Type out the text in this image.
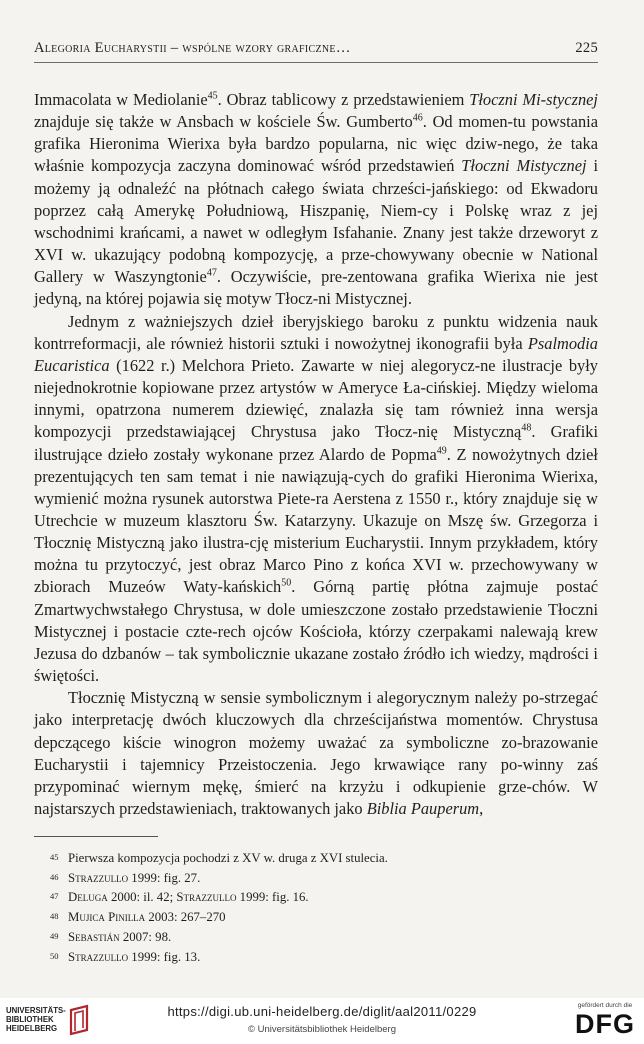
Alegoria Eucharystii – wspólne wzory graficzne…	225

Immacolata w Mediolanie$^{45}$. Obraz tablicowy z przedstawieniem Tłoczni Mi-stycznej znajduje się także w Ansbach w kościele Św. Gumberto$^{46}$. Od momen-tu powstania grafika Hieronima Wierixa była bardzo popularna, nic więc dziw-nego, że taka właśnie kompozycja zaczyna dominować wśród przedstawień Tłoczni Mistycznej i możemy ją odnaleźć na płótnach całego świata chrześci-jańskiego: od Ekwadoru poprzez całą Amerykę Południową, Hiszpanię, Niem-cy i Polskę wraz z jej wschodnimi krańcami, a nawet w odległym Isfahanie. Znany jest także drzeworyt z XVI w. ukazujący podobną kompozycję, a prze-chowywany obecnie w National Gallery w Waszyngtonie$^{47}$. Oczywiście, pre-zentowana grafika Wierixa nie jest jedyną, na której pojawia się motyw Tłocz-ni Mistycznej.

Jednym z ważniejszych dzieł iberyjskiego baroku z punktu widzenia nauk kontrreformacji, ale również historii sztuki i nowożytnej ikonografii była Psalmodia Eucaristica (1622 r.) Melchora Prieto. Zawarte w niej alegorycz-ne ilustracje były niejednokrotnie kopiowane przez artystów w Ameryce Ła-cińskiej. Między wieloma innymi, opatrzona numerem dziewięć, znalazła się tam również inna wersja kompozycji przedstawiającej Chrystusa jako Tłocz-nię Mistyczną$^{48}$. Grafiki ilustrujące dzieło zostały wykonane przez Alardo de Popma$^{49}$. Z nowożytnych dzieł prezentujących ten sam temat i nie nawiązują-cych do grafiki Hieronima Wierixa, wymienić można rysunek autorstwa Piete-ra Aerstena z 1550 r., który znajduje się w Utrechcie w muzeum klasztoru Św. Katarzyny. Ukazuje on Mszę św. Grzegorza i Tłocznię Mistyczną jako ilustra-cję misterium Eucharystii. Innym przykładem, który można tu przytoczyć, jest obraz Marco Pino z końca XVI w. przechowywany w zbiorach Muzeów Waty-kańskich$^{50}$. Górną partię płótna zajmuje postać Zmartwychwstałego Chrystusa, w dole umieszczone zostało przedstawienie Tłoczni Mistycznej i postacie czte-rech ojców Kościoła, którzy czerpakami nalewają krew Jezusa do dzbanów – tak symbolicznie ukazane zostało źródło ich wiedzy, mądrości i świętości.

Tłocznię Mistyczną w sensie symbolicznym i alegorycznym należy po-strzegać jako interpretację dwóch kluczowych dla chrześcijaństwa momentów. Chrystusa depczącego kiście winogron możemy uważać za symboliczne zo-brazowanie Eucharystii i tajemnicy Przeistoczenia. Jego krwawiące rany po-winny zaś przypominać wiernym mękę, śmierć na krzyżu i odkupienie grze-chów. W najstarszych przedstawieniach, traktowanych jako Biblia Pauperum,

45 Pierwsza kompozycja pochodzi z XV w. druga z XVI stulecia.
46 Strazzullo 1999: fig. 27.
47 Deluga 2000: il. 42; Strazzullo 1999: fig. 16.
48 Mujica Pinilla 2003: 267–270
49 Sebastián 2007: 98.
50 Strazzullo 1999: fig. 13.
UNIVERSITÄTS-
BIBLIOTHEK
HEIDELBERG
https://digi.ub.uni-heidelberg.de/diglit/aal2011/0229
© Universitätsbibliothek Heidelberg
gefördert durch die
DFG
